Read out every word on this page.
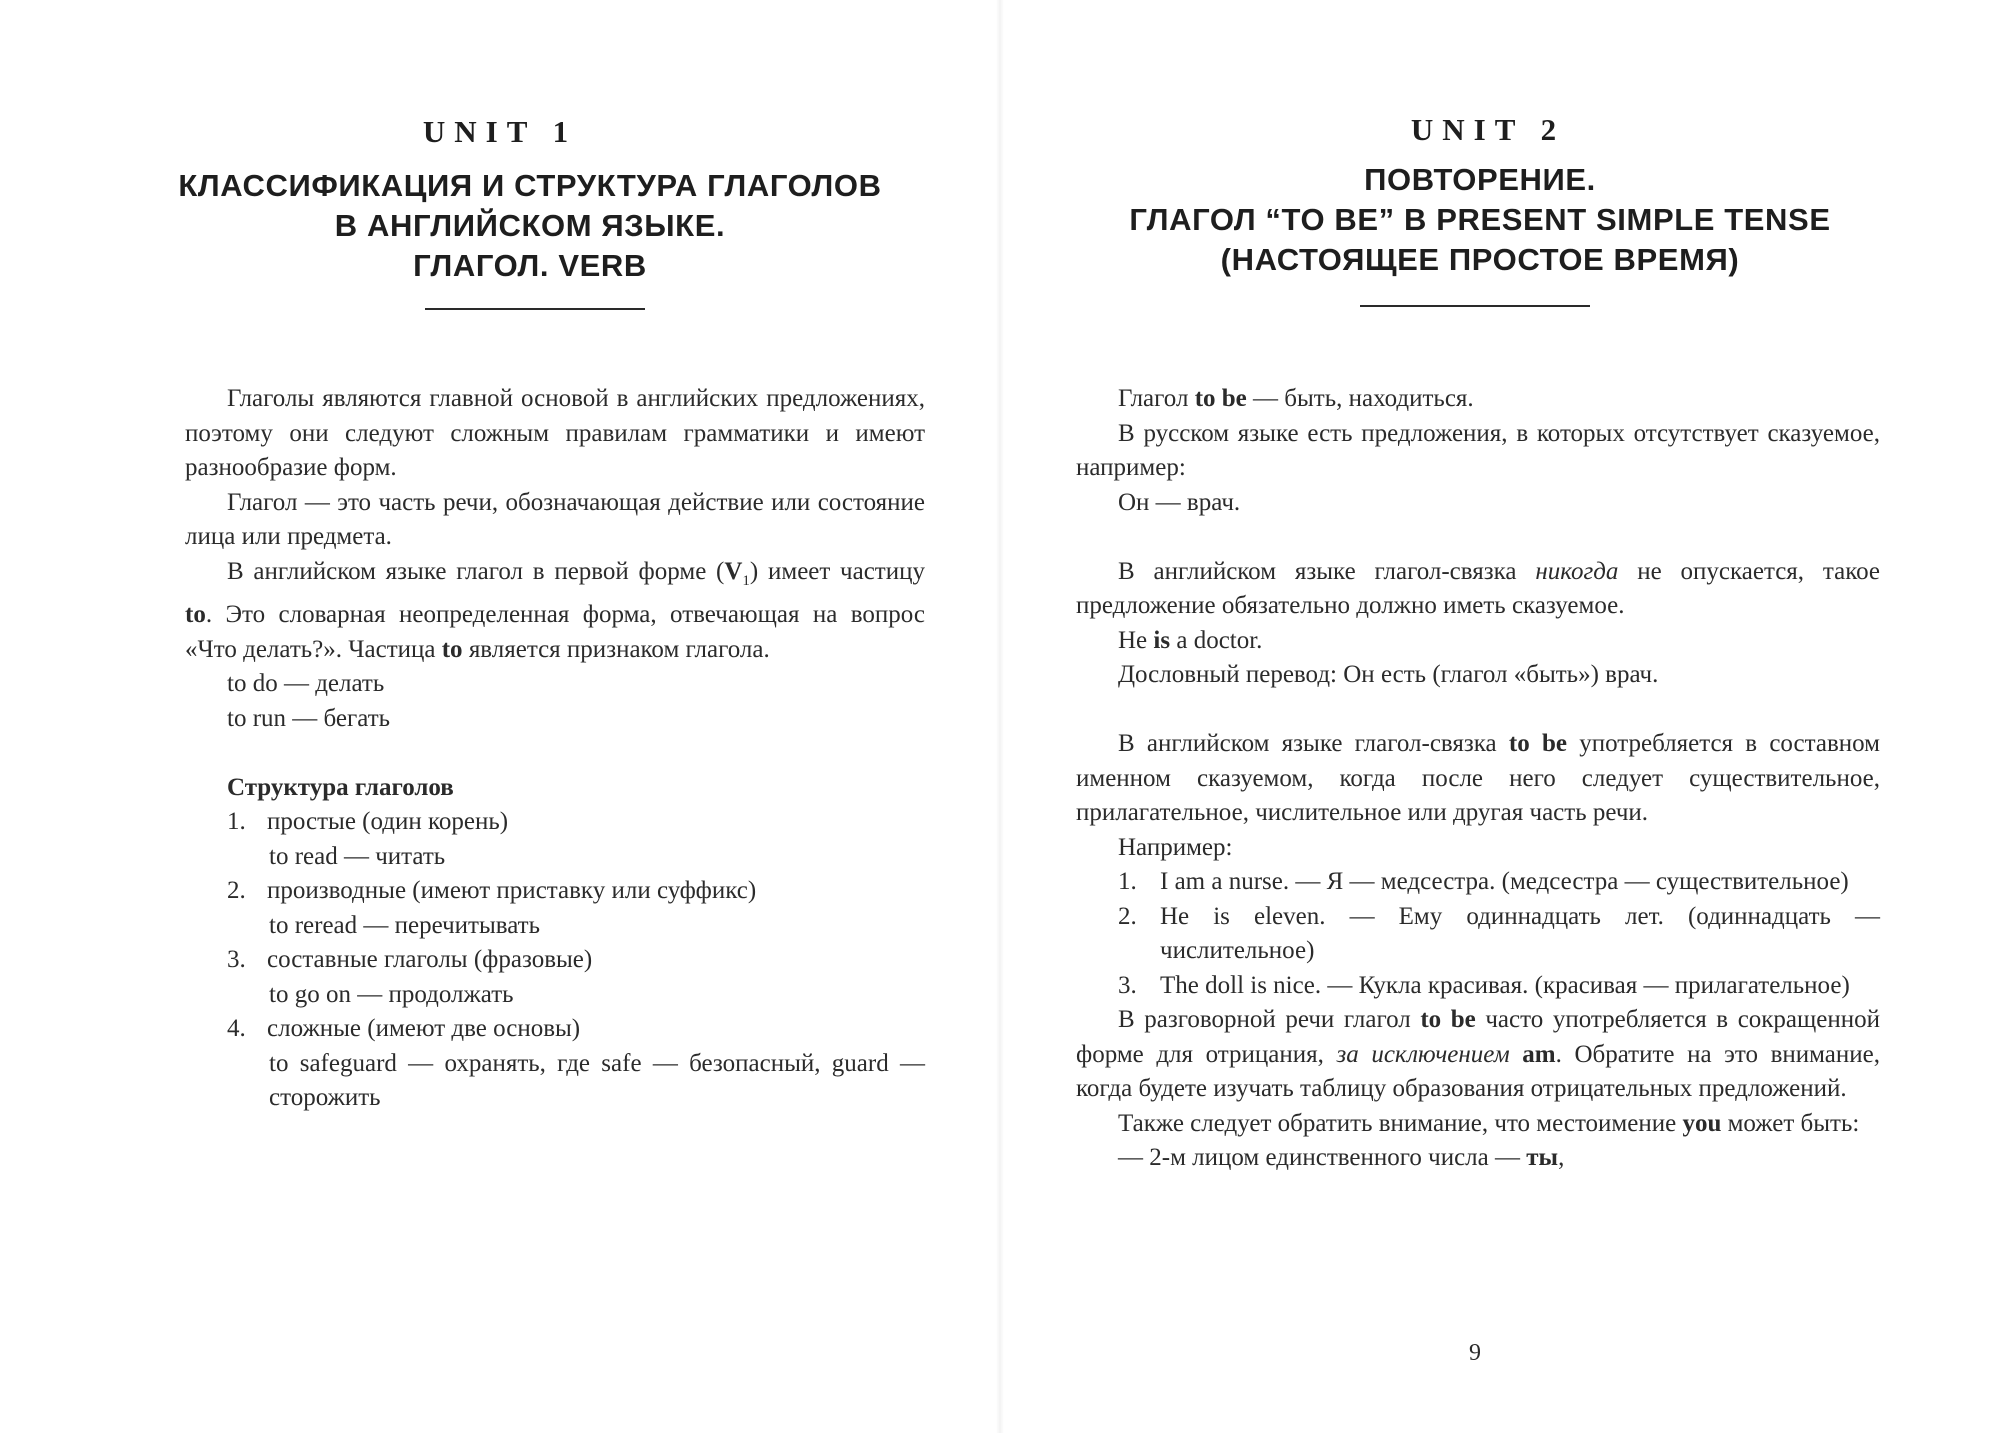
UNIT 1
КЛАССИФИКАЦИЯ И СТРУКТУРА ГЛАГОЛОВ
В АНГЛИЙСКОМ ЯЗЫКЕ.
ГЛАГОЛ. VERB

Глаголы являются главной основой в английских предложениях, поэтому они следуют сложным правилам грамматики и имеют разнообразие форм.

Глагол — это часть речи, обозначающая действие или состояние лица или предмета.

В английском языке глагол в первой форме $(V_1)$ имеет частицу to. Это словарная неопределенная форма, отвечающая на вопрос «Что делать?». Частица to является признаком глагола.

to do — делать
to run — бегать
Структура глаголов
1. простые (один корень)
to read — читать
2. производные (имеют приставку или суффикс)
to reread — перечитывать
3. составные глаголы (фразовые)
to go on — продолжать
4. сложные (имеют две основы)
to safeguard — охранять, где safe — безопасный, guard — сторожить
UNIT 2
ПОВТОРЕНИЕ.
ГЛАГОЛ “TO BE” В PRESENT SIMPLE TENSE
(НАСТОЯЩЕЕ ПРОСТОЕ ВРЕМЯ)
Глагол to be — быть, находиться.

В русском языке есть предложения, в которых отсутствует сказуемое, например:

Он — врач.

В английском языке глагол-связка никогда не опускается, такое предложение обязательно должно иметь сказуемое.

He is a doctor.
Дословный перевод: Он есть (глагол «быть») врач.

В английском языке глагол-связка to be употребляется в составном именном сказуемом, когда после него следует существительное, прилагательное, числительное или другая часть речи.

Например:
1. I am a nurse. — Я — медсестра. (медсестра — существительное)
2. He is eleven. — Ему одиннадцать лет. (одиннадцать — числительное)
3. The doll is nice. — Кукла красивая. (красивая — прилагательное)

В разговорной речи глагол to be часто употребляется в сокращенной форме для отрицания, за исключением am. Обратите на это внимание, когда будете изучать таблицу образования отрицательных предложений.

Также следует обратить внимание, что местоимение you может быть:

— 2-м лицом единственного числа — ты,
9
